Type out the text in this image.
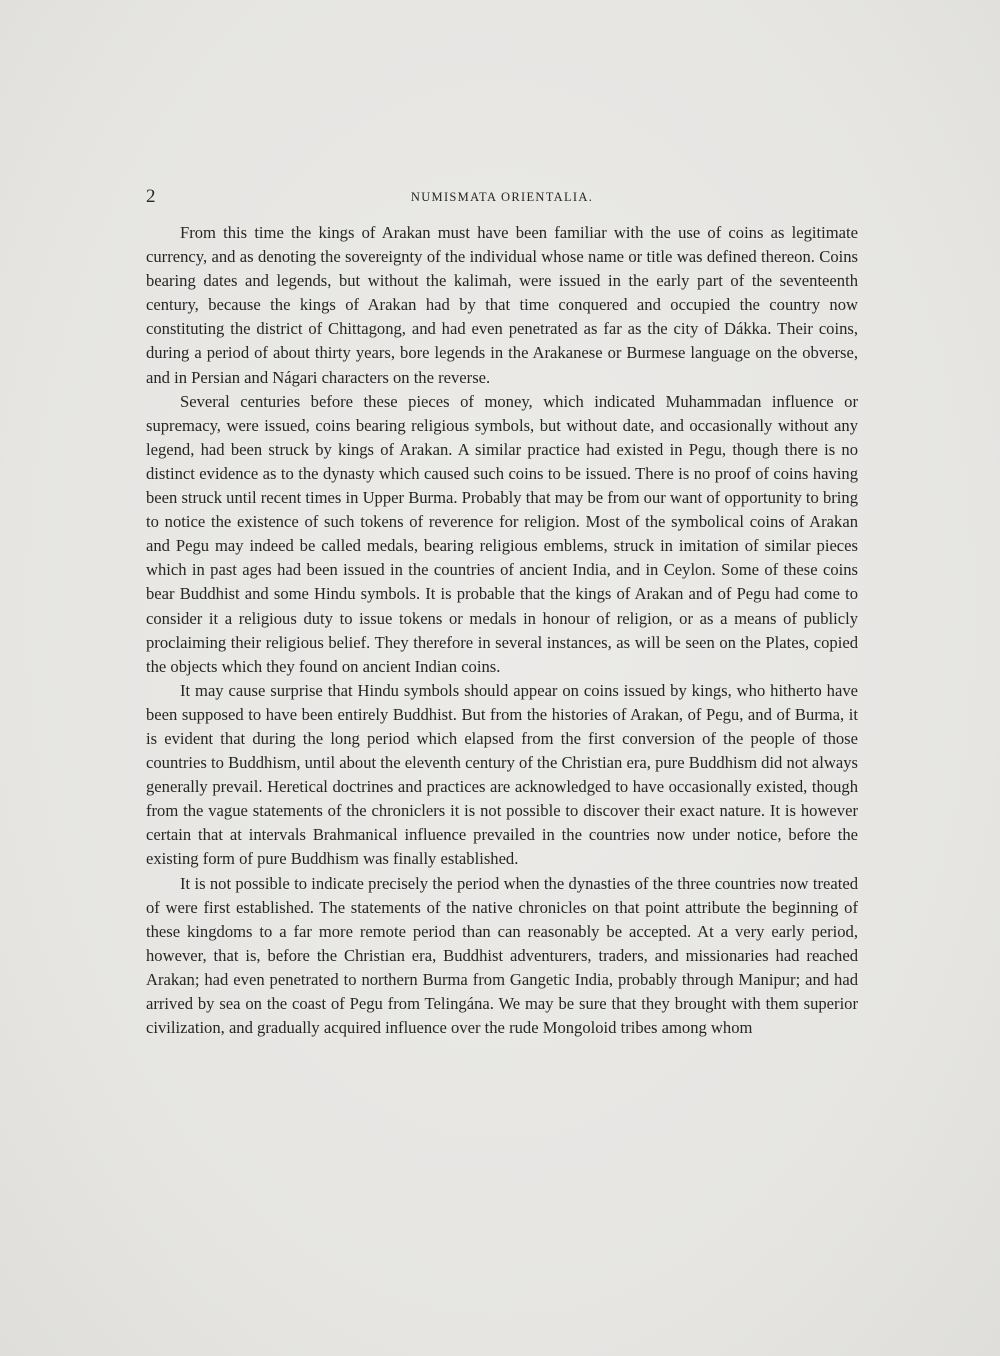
2	NUMISMATA ORIENTALIA.

From this time the kings of Arakan must have been familiar with the use of coins as legitimate currency, and as denoting the sovereignty of the individual whose name or title was defined thereon. Coins bearing dates and legends, but without the kalimah, were issued in the early part of the seventeenth century, because the kings of Arakan had by that time conquered and occupied the country now constituting the district of Chittagong, and had even penetrated as far as the city of Dákka. Their coins, during a period of about thirty years, bore legends in the Arakanese or Burmese language on the obverse, and in Persian and Nágari characters on the reverse.

Several centuries before these pieces of money, which indicated Muhammadan influence or supremacy, were issued, coins bearing religious symbols, but without date, and occasionally without any legend, had been struck by kings of Arakan. A similar practice had existed in Pegu, though there is no distinct evidence as to the dynasty which caused such coins to be issued. There is no proof of coins having been struck until recent times in Upper Burma. Probably that may be from our want of opportunity to bring to notice the existence of such tokens of reverence for religion. Most of the symbolical coins of Arakan and Pegu may indeed be called medals, bearing religious emblems, struck in imitation of similar pieces which in past ages had been issued in the countries of ancient India, and in Ceylon. Some of these coins bear Buddhist and some Hindu symbols. It is probable that the kings of Arakan and of Pegu had come to consider it a religious duty to issue tokens or medals in honour of religion, or as a means of publicly proclaiming their religious belief. They therefore in several instances, as will be seen on the Plates, copied the objects which they found on ancient Indian coins.

It may cause surprise that Hindu symbols should appear on coins issued by kings, who hitherto have been supposed to have been entirely Buddhist. But from the histories of Arakan, of Pegu, and of Burma, it is evident that during the long period which elapsed from the first conversion of the people of those countries to Buddhism, until about the eleventh century of the Christian era, pure Buddhism did not always generally prevail. Heretical doctrines and practices are acknowledged to have occasionally existed, though from the vague statements of the chroniclers it is not possible to discover their exact nature. It is however certain that at intervals Brahmanical influence prevailed in the countries now under notice, before the existing form of pure Buddhism was finally established.

It is not possible to indicate precisely the period when the dynasties of the three countries now treated of were first established. The statements of the native chronicles on that point attribute the beginning of these kingdoms to a far more remote period than can reasonably be accepted. At a very early period, however, that is, before the Christian era, Buddhist adventurers, traders, and missionaries had reached Arakan; had even penetrated to northern Burma from Gangetic India, probably through Manipur; and had arrived by sea on the coast of Pegu from Telingána. We may be sure that they brought with them superior civilization, and gradually acquired influence over the rude Mongoloid tribes among whom
